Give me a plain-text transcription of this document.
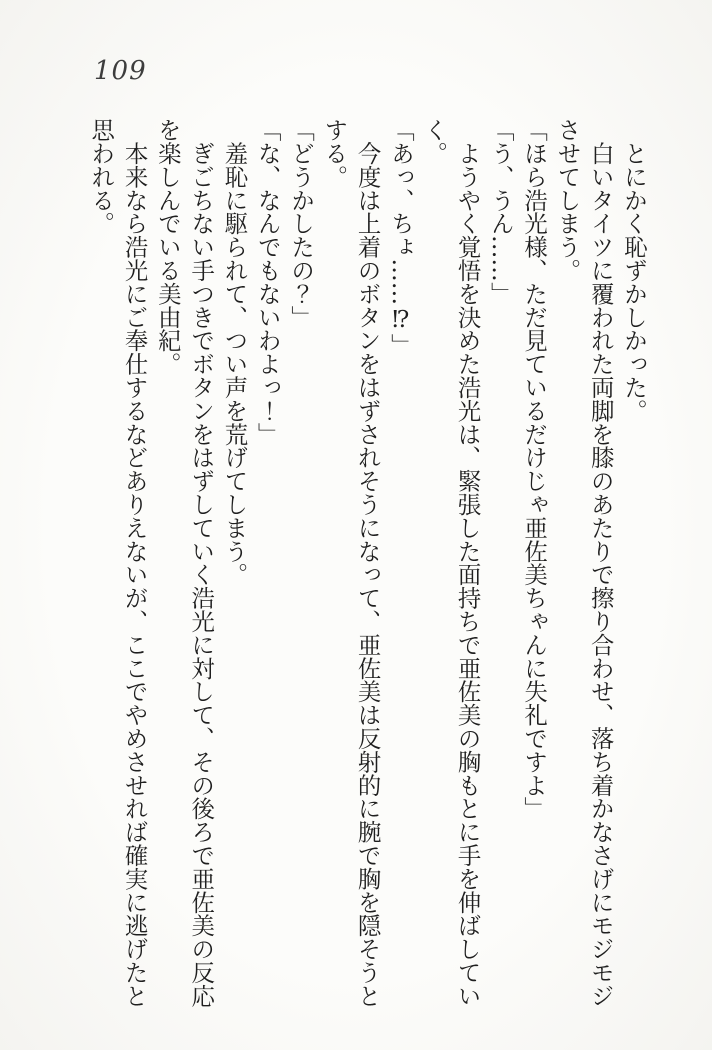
109

　とにかく恥ずかしかった。

　白いタイツに覆われた両脚を膝のあたりで擦り合わせ、落ち着かなさげにモジモジ

させてしまう。

「ほら浩光様、ただ見ているだけじゃ亜佐美ちゃんに失礼ですよ」

「う、うん……」

　ようやく覚悟を決めた浩光は、緊張した面持ちで亜佐美の胸もとに手を伸ばしてい

く。

「あっ、ちょ……⁉」

　今度は上着のボタンをはずされそうになって、亜佐美は反射的に腕で胸を隠そうと

する。

「どうかしたの？」

「な、なんでもないわよっ！」

　羞恥に駆られて、つい声を荒げてしまう。

　ぎごちない手つきでボタンをはずしていく浩光に対して、その後ろで亜佐美の反応

を楽しんでいる美由紀。

　本来なら浩光にご奉仕するなどありえないが、ここでやめさせれば確実に逃げたと

思われる。
